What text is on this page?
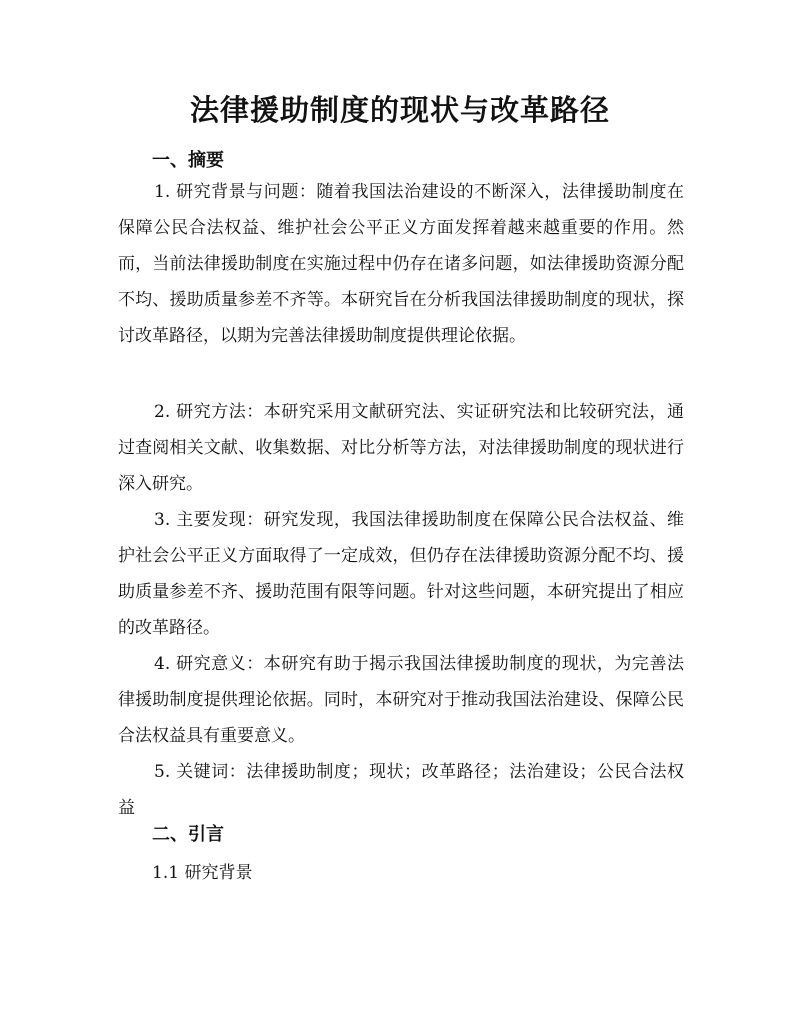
法律援助制度的现状与改革路径
一、摘要

1. 研究背景与问题：随着我国法治建设的不断深入，法律援助制度在保障公民合法权益、维护社会公平正义方面发挥着越来越重要的作用。然而，当前法律援助制度在实施过程中仍存在诸多问题，如法律援助资源分配不均、援助质量参差不齐等。本研究旨在分析我国法律援助制度的现状，探讨改革路径，以期为完善法律援助制度提供理论依据。

2. 研究方法：本研究采用文献研究法、实证研究法和比较研究法，通过查阅相关文献、收集数据、对比分析等方法，对法律援助制度的现状进行深入研究。

3. 主要发现：研究发现，我国法律援助制度在保障公民合法权益、维护社会公平正义方面取得了一定成效，但仍存在法律援助资源分配不均、援助质量参差不齐、援助范围有限等问题。针对这些问题，本研究提出了相应的改革路径。

4. 研究意义：本研究有助于揭示我国法律援助制度的现状，为完善法律援助制度提供理论依据。同时，本研究对于推动我国法治建设、保障公民合法权益具有重要意义。

5. 关键词：法律援助制度；现状；改革路径；法治建设；公民合法权益

二、引言

1.1 研究背景
